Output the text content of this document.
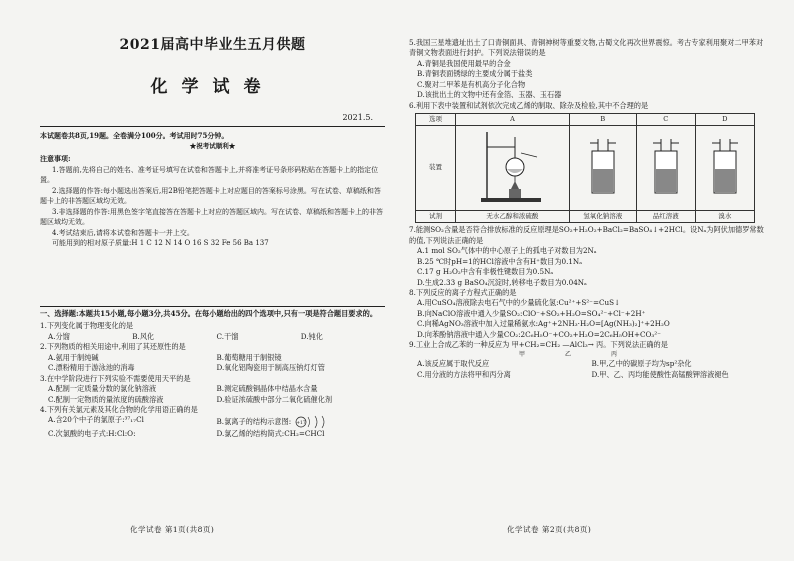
2021届高中毕业生五月供题
化学试卷
2021.5.
本试题卷共8页,19题。全卷满分100分。考试用时75分钟。
★祝考试顺利★
注意事项:
1.答题前,先将自己的姓名、准考证号填写在试卷和答题卡上,并将准考证号条形码粘贴在答题卡上的指定位置。
2.选择题的作答:每小题选出答案后,用2B铅笔把答题卡上对应题目的答案标号涂黑。写在试卷、草稿纸和答题卡上的非答题区域均无效。
3.非选择题的作答:用黑色签字笔直接答在答题卡上对应的答题区域内。写在试卷、草稿纸和答题卡上的非答题区域均无效。
4.考试结束后,请将本试卷和答题卡一并上交。
可能用到的相对原子质量:H 1 C 12 N 14 O 16 S 32 Fe 56 Ba 137
一、选择题:本题共15小题,每小题3分,共45分。在每小题给出的四个选项中,只有一项是符合题目要求的。
1.下列变化属于物理变化的是
A.分馏	B.风化	C.干馏	D.钝化
2.下列物质的相关用途中,利用了其还原性的是
A.氨用于制纯碱	B.葡萄糖用于制银镜
C.漂粉精用于游泳池的消毒	D.氧化铝陶瓷用于制高压钠灯灯管
3.在中学阶段进行下列实验不需要使用天平的是
A.配制一定质量分数的氯化钠溶液	B.测定硫酸铜晶体中结晶水含量
C.配制一定物质的量浓度的硫酸溶液	D.验证浓硫酸中部分二氧化硫催化剂
4.下列有关氯元素及其化合物的化学用语正确的是
A.含20个中子的氯原子:³⁷₁₇Cl	B.氯离子的结构示意图: +17
C.次氯酸的电子式:H:Cl:O:	D.氯乙烯的结构简式:CH₂=CHCl
化学试卷 第1页(共8页)
5.我国三星堆遗址出土了口青铜面具、青铜神树等重要文物,古蜀文化再次世界震惊。考古专家利用聚对二甲苯对青铜文物表面进行封护。下列说法错误的是
A.青铜是我国使用最早的合金
B.青铜表面锈绿的主要成分属于盐类
C.聚对二甲苯是有机高分子化合物
D.该批出土的文物中还有金箔、玉器、玉石器
6.利用下表中装置和试剂依次完成乙烯的制取、除杂及检验,其中不合理的是
选项	A	B	C	D
装置				
试剂	无水乙醇和浓硫酸	氢氧化钠溶液	品红溶液	溴水
7.能测SO₂含量是否符合排放标准的反应原理是SO₂+H₂O₂+BaCl₂=BaSO₄↓+2HCl。设Nₐ为阿伏加德罗常数的值,下列说法正确的是
A.1 mol SO₂气体中的中心原子上的孤电子对数目为2Nₐ
B.25 ℃时pH=1的HCl溶液中含有H⁺数目为0.1Nₐ
C.17 g H₂O₂中含有非极性键数目为0.5Nₐ
D.生成2.33 g BaSO₄沉淀时,转移电子数目为0.04Nₐ
8.下列反应的离子方程式正确的是
A.用CuSO₄溶液除去电石气中的少量硫化氢:Cu²⁺+S²⁻=CuS↓
B.向NaClO溶液中通入少量SO₂:ClO⁻+SO₂+H₂O=SO₄²⁻+Cl⁻+2H⁺
C.向稀AgNO₃溶液中加入过量稀氨水:Ag⁺+2NH₃·H₂O=[Ag(NH₃)₂]⁺+2H₂O
D.向苯酚钠溶液中通入少量CO₂:2C₆H₅O⁻+CO₂+H₂O=2C₆H₅OH+CO₃²⁻
9.工业上合成乙苯的一种反应为 甲+CH₂=CH₂ —AlCl₃→ 丙。下列说法正确的是
甲	乙	丙
A.该反应属于取代反应	B.甲,乙中的碳原子均为sp²杂化
C.用分液的方法将甲和丙分离	D.甲、乙、丙均能使酸性高锰酸钾溶液褪色
化学试卷 第2页(共8页)
